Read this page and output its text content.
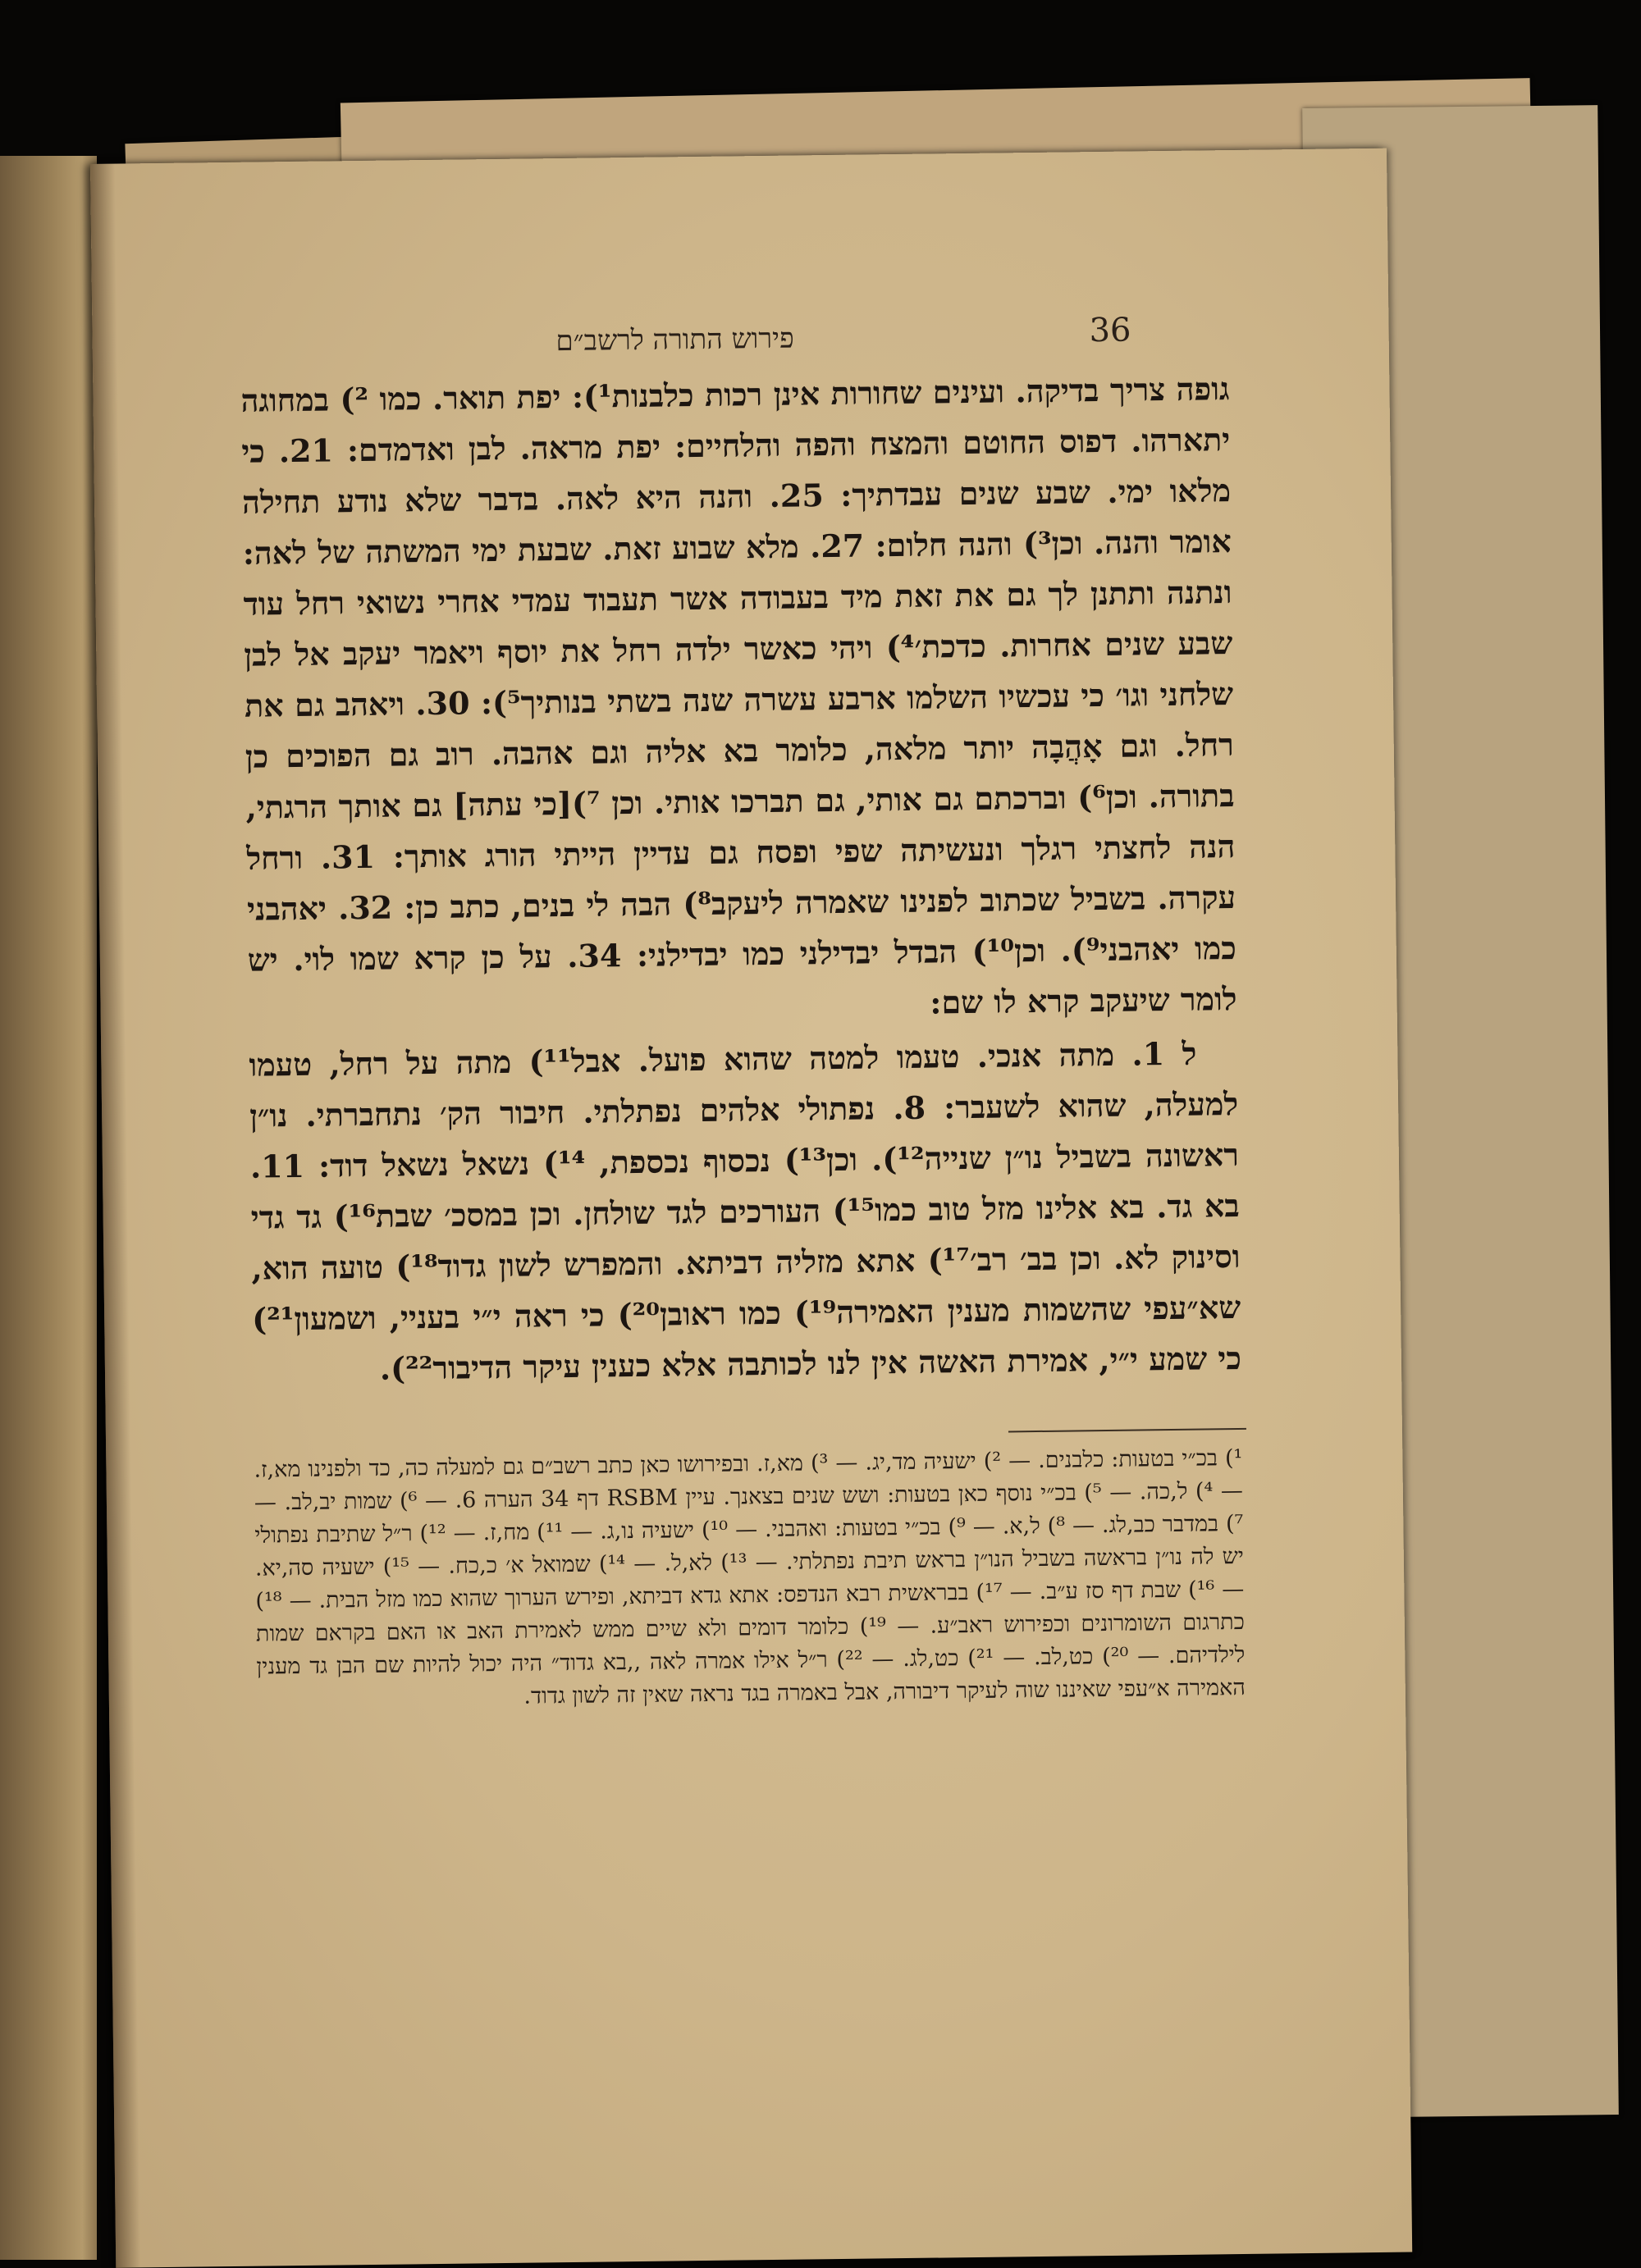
36
פירוש התורה לרשב״ם

גופה צריך בדיקה. ועינים שחורות אינן רכות כלבנות¹): יפת תואר. כמו ²) במחוגה יתארהו. דפוס החוטם והמצח והפה והלחיים: יפת מראה. לבן ואדמדם: 21. כי מלאו ימי. שבע שנים עבדתיך: 25. והנה היא לאה. בדבר שלא נודע תחילה אומר והנה. וכן³) והנה חלום: 27. מלא שבוע זאת. שבעת ימי המשתה של לאה: ונתנה ותתנן לך גם את זאת מיד בעבודה אשר תעבוד עמדי אחרי נשואי רחל עוד שבע שנים אחרות. כדכת׳⁴) ויהי כאשר ילדה רחל את יוסף ויאמר יעקב אל לבן שלחני וגו׳ כי עכשיו השלמו ארבע עשרה שנה בשתי בנותיך⁵): 30. ויאהב גם את רחל. וגם אָהֲבָה יותר מלאה, כלומר בא אליה וגם אהבה. רוב גם הפוכים כן בתורה. וכן⁶) וברכתם גם אותי, גם תברכו אותי. וכן ⁷)[כי עתה] גם אותך הרגתי, הנה לחצתי רגלך ונעשיתה שפי ופסח גם עדיין הייתי הורג אותך: 31. ורחל עקרה. בשביל שכתוב לפנינו שאמרה ליעקב⁸) הבה לי בנים, כתב כן: 32. יאהבני כמו יאהבני⁹). וכן¹⁰) הבדל יבדילני כמו יבדילני: 34. על כן קרא שמו לוי. יש לומר שיעקב קרא לו שם:

ל 1. מתה אנכי. טעמו למטה שהוא פועל. אבל¹¹) מתה על רחל, טעמו למעלה, שהוא לשעבר: 8. נפתולי אלהים נפתלתי. חיבור הק׳ נתחברתי. נו״ן ראשונה בשביל נו״ן שנייה¹²). וכן¹³) נכסוף נכספת, ¹⁴) נשאל נשאל דוד: 11. בא גד. בא אלינו מזל טוב כמו¹⁵) העורכים לגד שולחן. וכן במסכ׳ שבת¹⁶) גד גדי וסינוק לא. וכן בב׳ רב׳¹⁷) אתא מזליה דביתא. והמפרש לשון גדוד¹⁸) טועה הוא, שא״עפי שהשמות מענין האמירה¹⁹) כמו ראובן²⁰) כי ראה י״י בעניי, ושמעון²¹) כי שמע י״י, אמירת האשה אין לנו לכותבה אלא כענין עיקר הדיבור²²).

¹) בכ״י בטעות: כלבנים. — ²) ישעיה מד,יג. — ³) מא,ז. ובפירושו כאן כתב רשב״ם גם למעלה כה, כד ולפנינו מא,ז. — ⁴) ל,כה. — ⁵) בכ״י נוסף כאן בטעות: ושש שנים בצאנך. עיין RSBM דף 34 הערה 6. — ⁶) שמות יב,לב. — ⁷) במדבר כב,לג. — ⁸) ל,א. — ⁹) בכ״י בטעות: ואהבני. — ¹⁰) ישעיה נו,ג. — ¹¹) מח,ז. — ¹²) ר״ל שתיבת נפתולי יש לה נו״ן בראשה בשביל הנו״ן בראש תיבת נפתלתי. — ¹³) לא,ל. — ¹⁴) שמואל א׳ כ,כח. — ¹⁵) ישעיה סה,יא. — ¹⁶) שבת דף סז ע״ב. — ¹⁷) בבראשית רבא הנדפס: אתא גדא דביתא, ופירש הערוך שהוא כמו מזל הבית. — ¹⁸) כתרגום השומרונים וכפירוש ראב״ע. — ¹⁹) כלומר דומים ולא שיים ממש לאמירת האב או האם בקראם שמות לילדיהם. — ²⁰) כט,לב. — ²¹) כט,לג. — ²²) ר״ל אילו אמרה לאה ,,בא גדוד״ היה יכול להיות שם הבן גד מענין האמירה א״עפי שאיננו שוה לעיקר דיבורה, אבל באמרה בגד נראה שאין זה לשון גדוד.
